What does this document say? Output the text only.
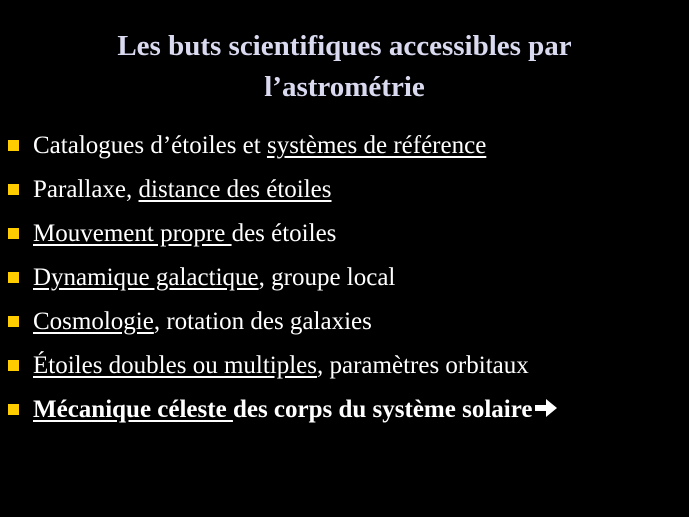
Les buts scientifiques accessibles par
l’astrométrie
Catalogues d’étoiles et systèmes de référence
Parallaxe, distance des étoiles
Mouvement propre des étoiles
Dynamique galactique, groupe local
Cosmologie, rotation des galaxies
Étoiles doubles ou multiples, paramètres orbitaux
Mécanique céleste des corps du système solaire
